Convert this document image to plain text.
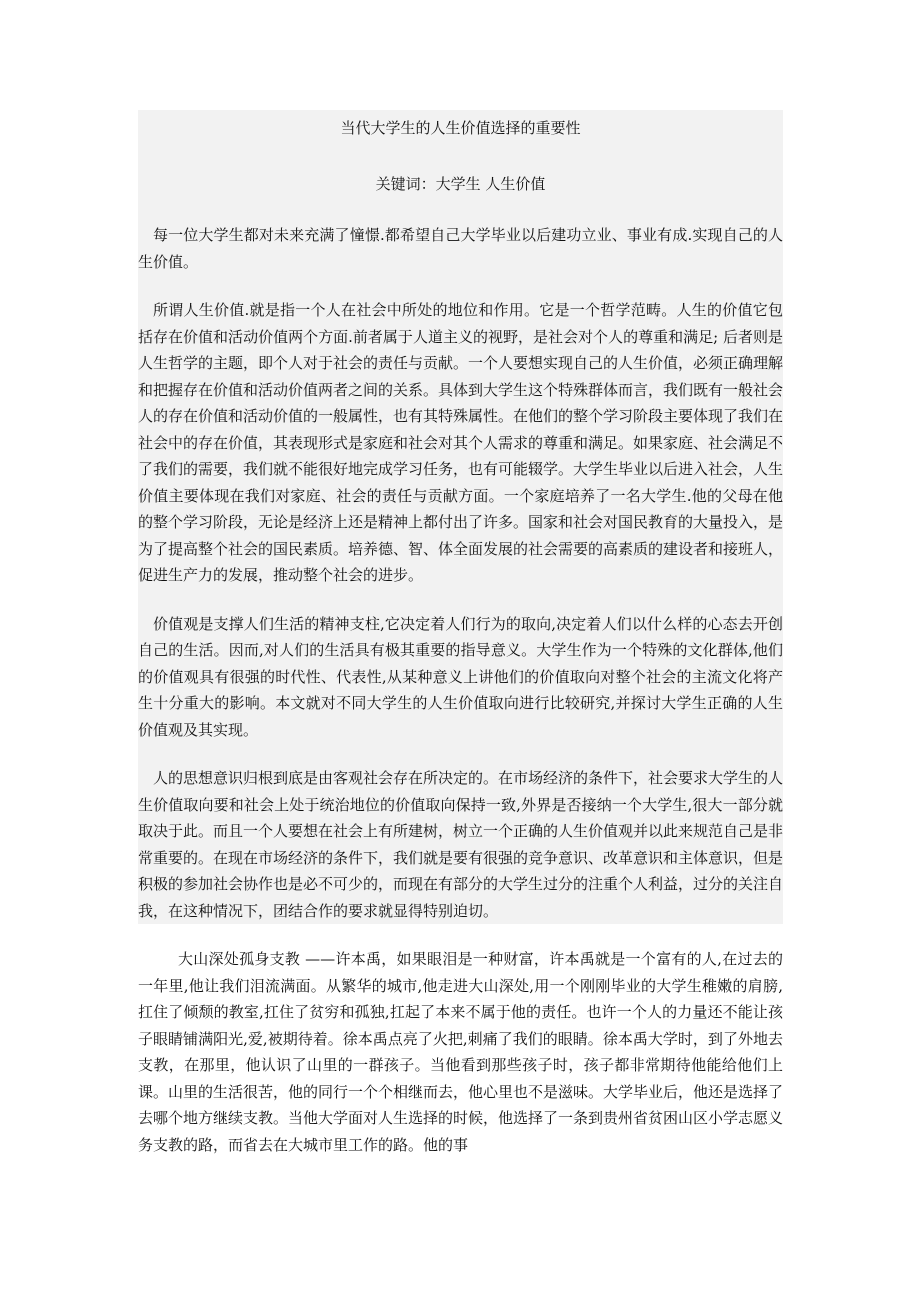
当代大学生的人生价值选择的重要性
关键词：大学生 人生价值

每一位大学生都对未来充满了憧憬.都希望自己大学毕业以后建功立业、事业有成.实现自己的人生价值。

所谓人生价值.就是指一个人在社会中所处的地位和作用。它是一个哲学范畴。人生的价值它包括存在价值和活动价值两个方面.前者属于人道主义的视野，是社会对个人的尊重和满足; 后者则是人生哲学的主题，即个人对于社会的责任与贡献。一个人要想实现自己的人生价值，必须正确理解和把握存在价值和活动价值两者之间的关系。具体到大学生这个特殊群体而言，我们既有一般社会人的存在价值和活动价值的一般属性，也有其特殊属性。在他们的整个学习阶段主要体现了我们在社会中的存在价值，其表现形式是家庭和社会对其个人需求的尊重和满足。如果家庭、社会满足不了我们的需要，我们就不能很好地完成学习任务，也有可能辍学。大学生毕业以后进入社会，人生价值主要体现在我们对家庭、社会的责任与贡献方面。一个家庭培养了一名大学生.他的父母在他的整个学习阶段，无论是经济上还是精神上都付出了许多。国家和社会对国民教育的大量投入，是为了提高整个社会的国民素质。培养德、智、体全面发展的社会需要的高素质的建设者和接班人，促进生产力的发展，推动整个社会的进步。

价值观是支撑人们生活的精神支柱,它决定着人们行为的取向,决定着人们以什么样的心态去开创自己的生活。因而,对人们的生活具有极其重要的指导意义。大学生作为一个特殊的文化群体,他们的价值观具有很强的时代性、代表性,从某种意义上讲他们的价值取向对整个社会的主流文化将产生十分重大的影响。本文就对不同大学生的人生价值取向进行比较研究,并探讨大学生正确的人生价值观及其实现。

人的思想意识归根到底是由客观社会存在所决定的。在市场经济的条件下，社会要求大学生的人生价值取向要和社会上处于统治地位的价值取向保持一致,外界是否接纳一个大学生,很大一部分就取决于此。而且一个人要想在社会上有所建树，树立一个正确的人生价值观并以此来规范自己是非常重要的。在现在市场经济的条件下，我们就是要有很强的竞争意识、改革意识和主体意识，但是积极的参加社会协作也是必不可少的，而现在有部分的大学生过分的注重个人利益，过分的关注自我，在这种情况下，团结合作的要求就显得特别迫切。

大山深处孤身支教 ——许本禹，如果眼泪是一种财富，许本禹就是一个富有的人,在过去的一年里,他让我们泪流满面。从繁华的城市,他走进大山深处,用一个刚刚毕业的大学生稚嫩的肩膀,扛住了倾颓的教室,扛住了贫穷和孤独,扛起了本来不属于他的责任。也许一个人的力量还不能让孩子眼睛铺满阳光,爱,被期待着。徐本禹点亮了火把,刺痛了我们的眼睛。徐本禹大学时，到了外地去支教，在那里，他认识了山里的一群孩子。当他看到那些孩子时，孩子都非常期待他能给他们上课。山里的生活很苦，他的同行一个个相继而去，他心里也不是滋味。大学毕业后，他还是选择了去哪个地方继续支教。当他大学面对人生选择的时候，他选择了一条到贵州省贫困山区小学志愿义务支教的路，而省去在大城市里工作的路。他的事
